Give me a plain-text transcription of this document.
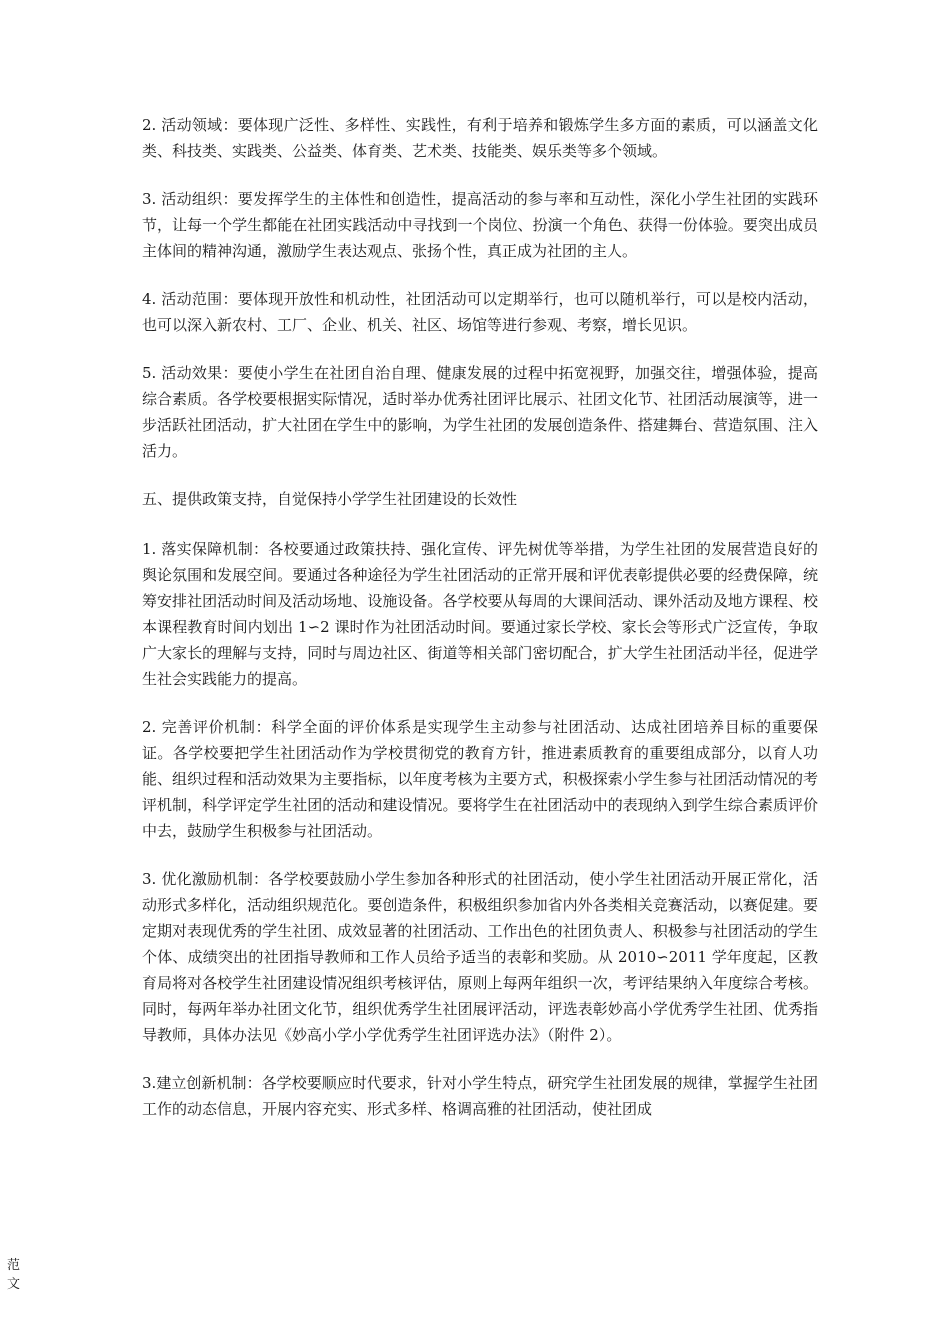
2. 活动领域：要体现广泛性、多样性、实践性，有利于培养和锻炼学生多方面的素质，可以涵盖文化类、科技类、实践类、公益类、体育类、艺术类、技能类、娱乐类等多个领域。

3. 活动组织：要发挥学生的主体性和创造性，提高活动的参与率和互动性，深化小学生社团的实践环节，让每一个学生都能在社团实践活动中寻找到一个岗位、扮演一个角色、获得一份体验。要突出成员主体间的精神沟通，激励学生表达观点、张扬个性，真正成为社团的主人。

4. 活动范围：要体现开放性和机动性，社团活动可以定期举行，也可以随机举行，可以是校内活动，也可以深入新农村、工厂、企业、机关、社区、场馆等进行参观、考察，增长见识。

5. 活动效果：要使小学生在社团自治自理、健康发展的过程中拓宽视野，加强交往，增强体验，提高综合素质。各学校要根据实际情况，适时举办优秀社团评比展示、社团文化节、社团活动展演等，进一步活跃社团活动，扩大社团在学生中的影响，为学生社团的发展创造条件、搭建舞台、营造氛围、注入活力。

五、提供政策支持，自觉保持小学学生社团建设的长效性

1. 落实保障机制：各校要通过政策扶持、强化宣传、评先树优等举措，为学生社团的发展营造良好的舆论氛围和发展空间。要通过各种途径为学生社团活动的正常开展和评优表彰提供必要的经费保障，统筹安排社团活动时间及活动场地、设施设备。各学校要从每周的大课间活动、课外活动及地方课程、校本课程教育时间内划出 1∽2 课时作为社团活动时间。要通过家长学校、家长会等形式广泛宣传，争取广大家长的理解与支持，同时与周边社区、街道等相关部门密切配合，扩大学生社团活动半径，促进学生社会实践能力的提高。

2. 完善评价机制：科学全面的评价体系是实现学生主动参与社团活动、达成社团培养目标的重要保证。各学校要把学生社团活动作为学校贯彻党的教育方针，推进素质教育的重要组成部分，以育人功能、组织过程和活动效果为主要指标，以年度考核为主要方式，积极探索小学生参与社团活动情况的考评机制，科学评定学生社团的活动和建设情况。要将学生在社团活动中的表现纳入到学生综合素质评价中去，鼓励学生积极参与社团活动。

3. 优化激励机制：各学校要鼓励小学生参加各种形式的社团活动，使小学生社团活动开展正常化，活动形式多样化，活动组织规范化。要创造条件，积极组织参加省内外各类相关竞赛活动，以赛促建。要定期对表现优秀的学生社团、成效显著的社团活动、工作出色的社团负责人、积极参与社团活动的学生个体、成绩突出的社团指导教师和工作人员给予适当的表彰和奖励。从 2010∽2011 学年度起，区教育局将对各校学生社团建设情况组织考核评估，原则上每两年组织一次，考评结果纳入年度综合考核。同时，每两年举办社团文化节，组织优秀学生社团展评活动，评选表彰妙高小学优秀学生社团、优秀指导教师，具体办法见《妙高小学小学优秀学生社团评选办法》（附件 2）。

3.建立创新机制：各学校要顺应时代要求，针对小学生特点，研究学生社团发展的规律，掌握学生社团工作的动态信息，开展内容充实、形式多样、格调高雅的社团活动，使社团成

范
文
